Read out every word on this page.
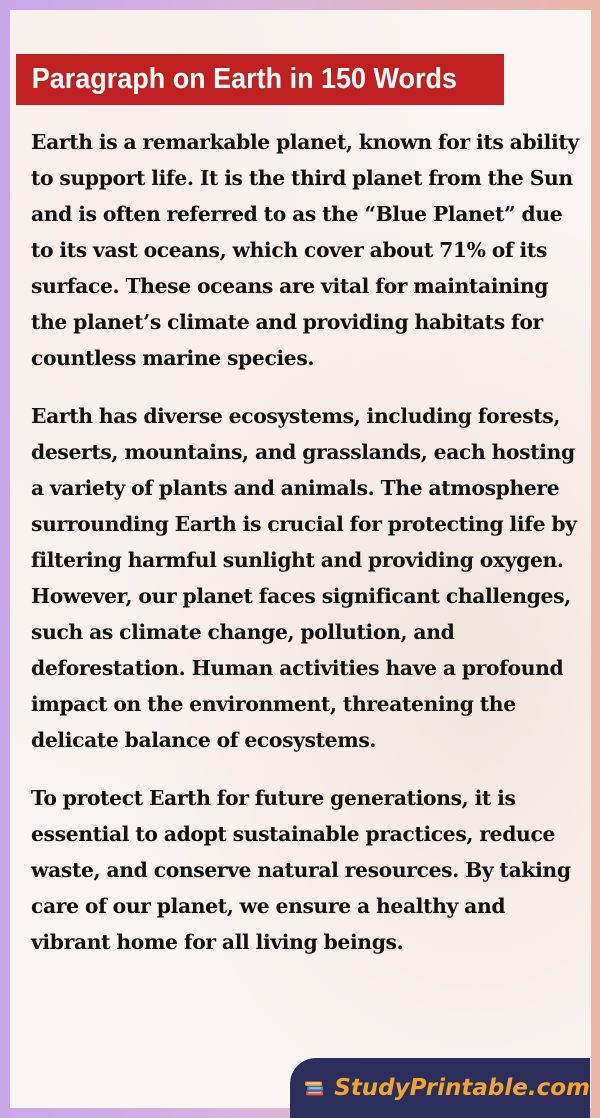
Paragraph on Earth in 150 Words

Earth is a remarkable planet, known for its ability to support life. It is the third planet from the Sun and is often referred to as the “Blue Planet” due to its vast oceans, which cover about 71% of its surface. These oceans are vital for maintaining the planet’s climate and providing habitats for countless marine species.

Earth has diverse ecosystems, including forests, deserts, mountains, and grasslands, each hosting a variety of plants and animals. The atmosphere surrounding Earth is crucial for protecting life by filtering harmful sunlight and providing oxygen. However, our planet faces significant challenges, such as climate change, pollution, and deforestation. Human activities have a profound impact on the environment, threatening the delicate balance of ecosystems.

To protect Earth for future generations, it is essential to adopt sustainable practices, reduce waste, and conserve natural resources. By taking care of our planet, we ensure a healthy and vibrant home for all living beings.

StudyPrintable.com
